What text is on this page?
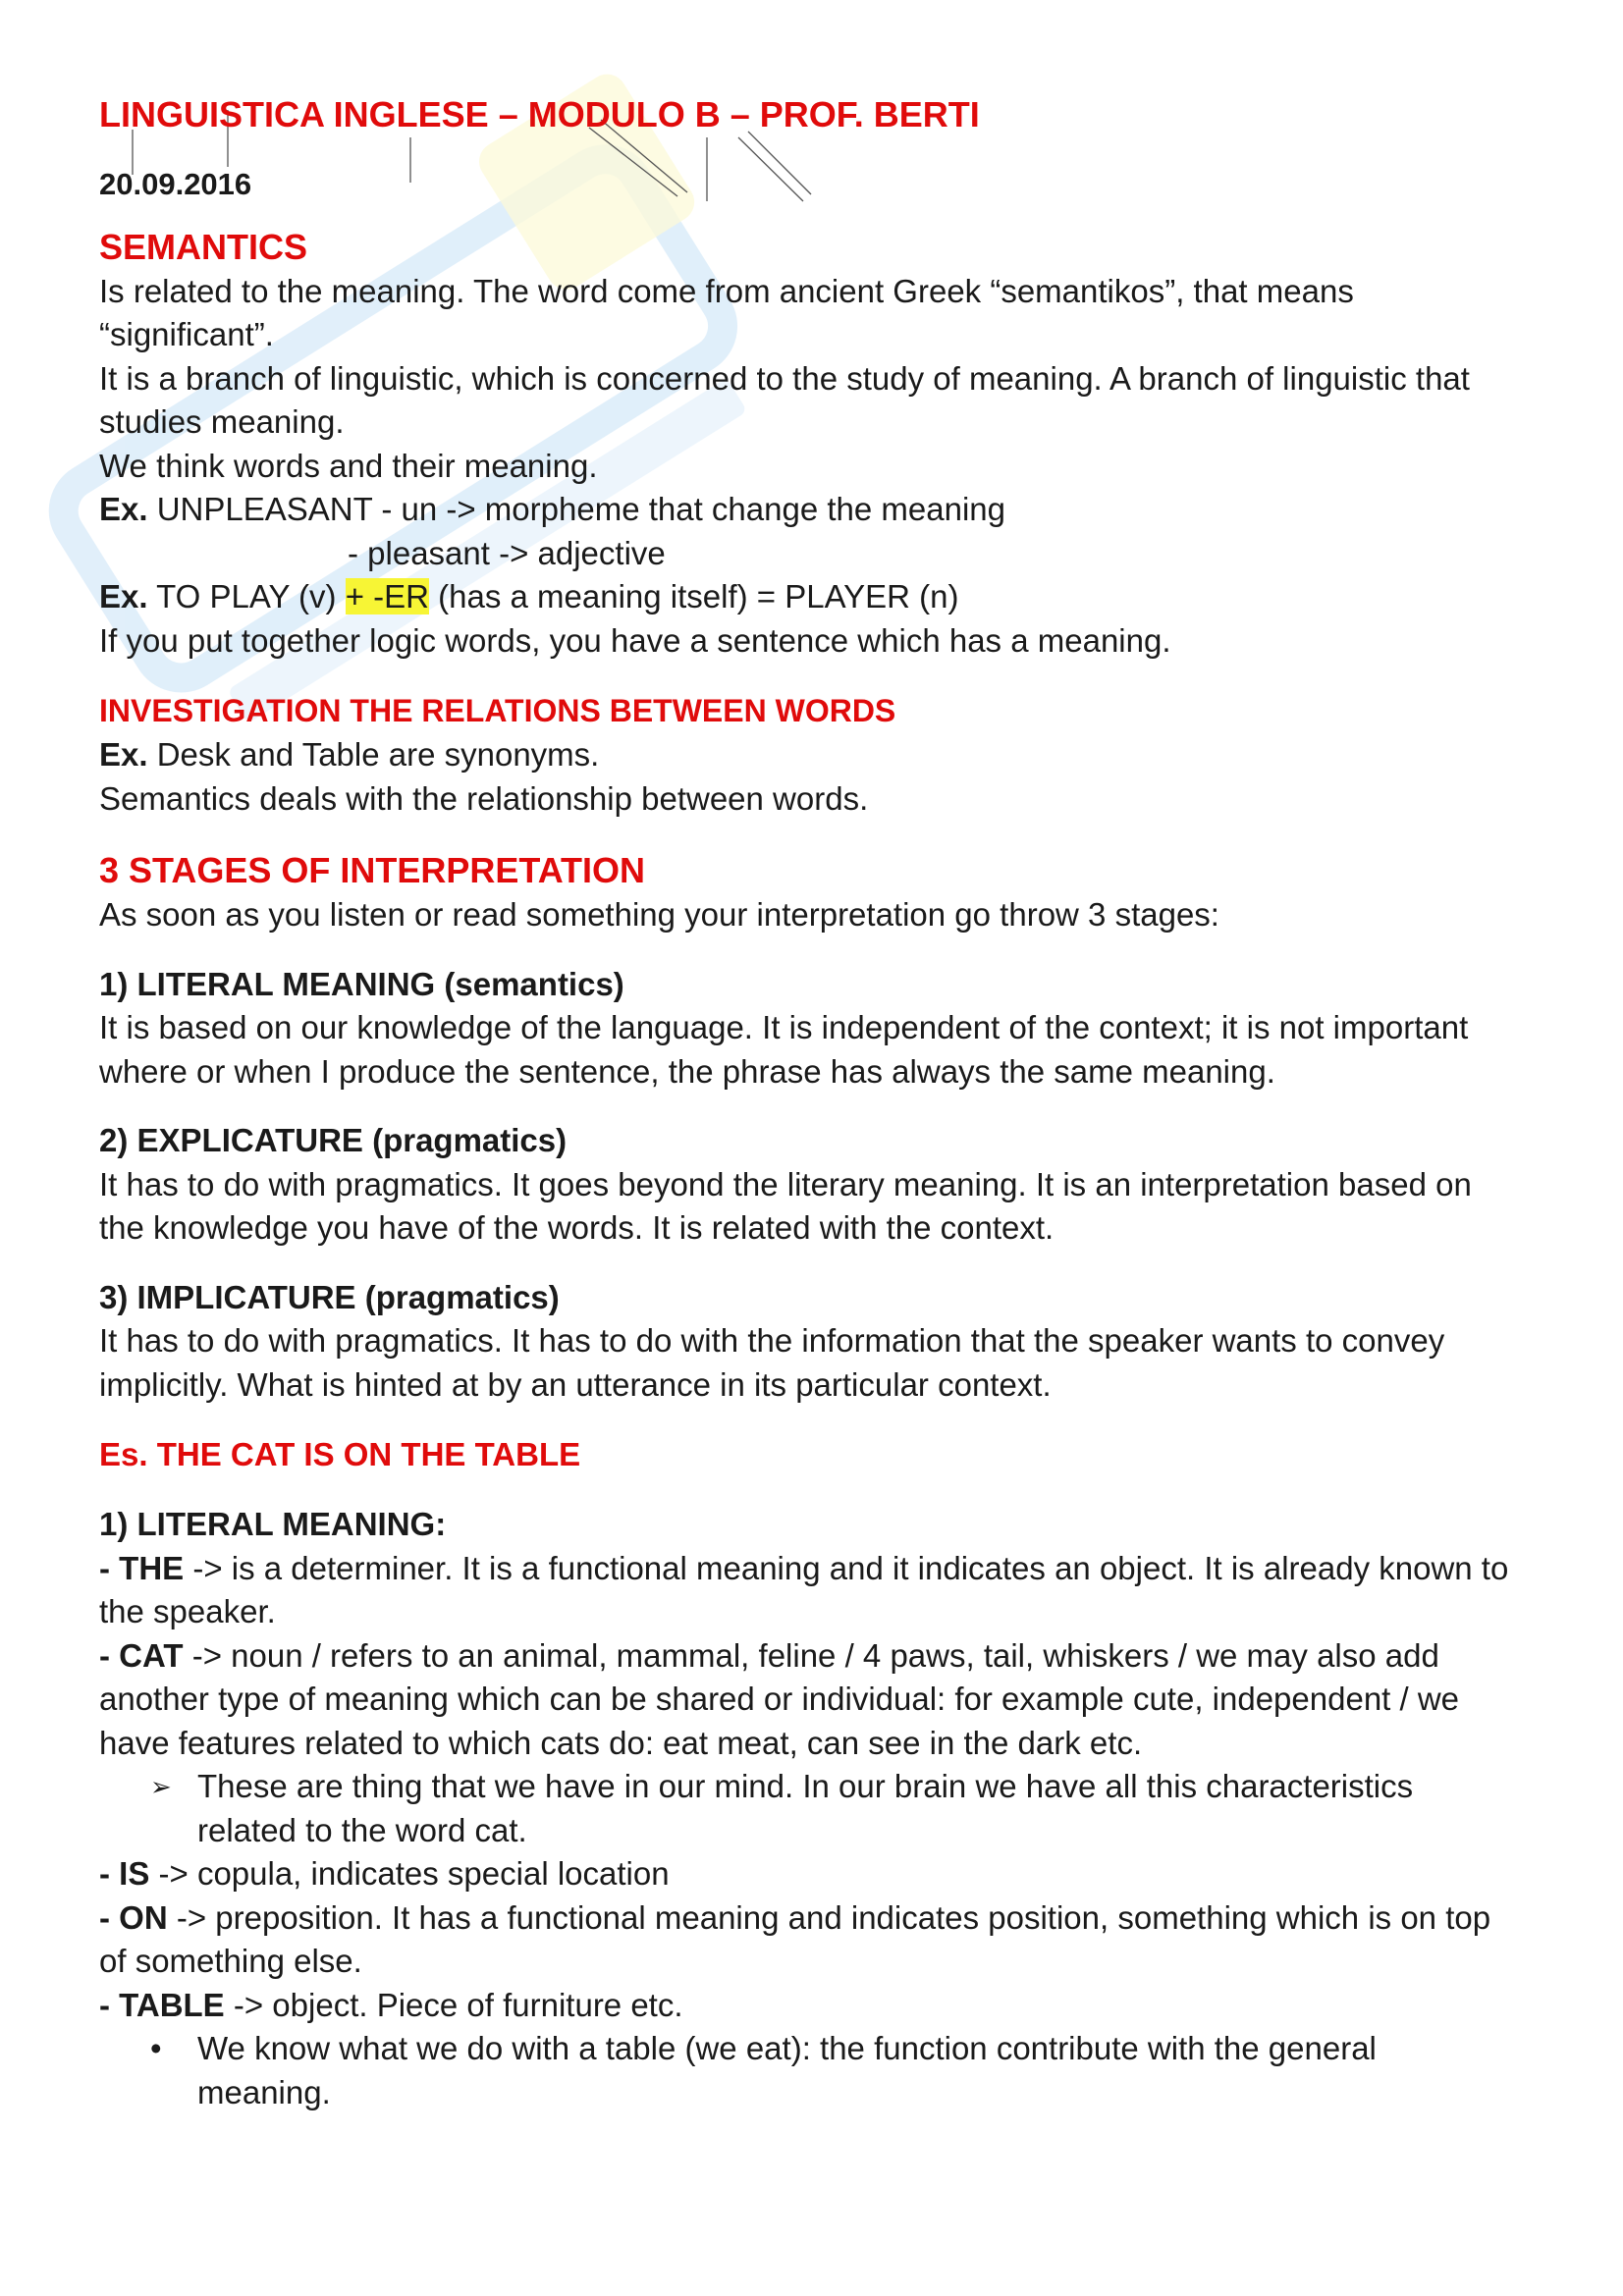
LINGUISTICA INGLESE – MODULO B – PROF. BERTI
20.09.2016
SEMANTICS

Is related to the meaning. The word come from ancient Greek “semantikos”, that means

“significant”.

It is a branch of linguistic, which is concerned to the study of meaning. A branch of linguistic that

studies meaning.

We think words and their meaning.

Ex. UNPLEASANT - un -> morpheme that change the meaning

- pleasant -> adjective

Ex. TO PLAY (v) + -ER (has a meaning itself) = PLAYER (n)

If you put together logic words, you have a sentence which has a meaning.

INVESTIGATION THE RELATIONS BETWEEN WORDS

Ex. Desk and Table are synonyms.

Semantics deals with the relationship between words.

3 STAGES OF INTERPRETATION

As soon as you listen or read something your interpretation go throw 3 stages:

1) LITERAL MEANING (semantics)

It is based on our knowledge of the language. It is independent of the context; it is not important

where or when I produce the sentence, the phrase has always the same meaning.

2) EXPLICATURE (pragmatics)

It has to do with pragmatics. It goes beyond the literary meaning. It is an interpretation based on

the knowledge you have of the words. It is related with the context.

3) IMPLICATURE (pragmatics)

It has to do with pragmatics. It has to do with the information that the speaker wants to convey

implicitly. What is hinted at by an utterance in its particular context.

Es. THE CAT IS ON THE TABLE
1) LITERAL MEANING:

- THE -> is a determiner. It is a functional meaning and it indicates an object. It is already known to

the speaker.

- CAT -> noun / refers to an animal, mammal, feline / 4 paws, tail, whiskers / we may also add

another type of meaning which can be shared or individual: for example cute, independent / we

have features related to which cats do: eat meat, can see in the dark etc.

➢ These are thing that we have in our mind. In our brain we have all this characteristics

related to the word cat.

- IS -> copula, indicates special location

- ON -> preposition. It has a functional meaning and indicates position, something which is on top

of something else.

- TABLE -> object. Piece of furniture etc.

• We know what we do with a table (we eat): the function contribute with the general

meaning.
